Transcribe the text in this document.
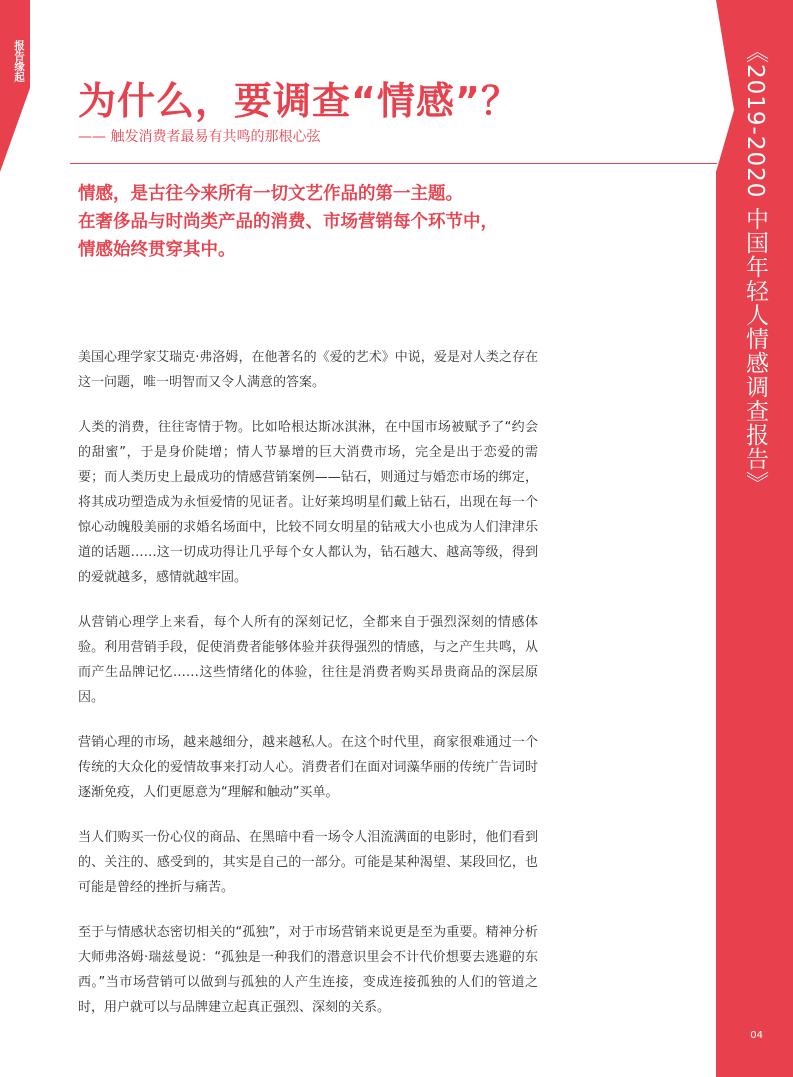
报告缘起	《2019-2020 中国年轻人情感调查报告》
04
为什么，要调查“情感”？

—— 触发消费者最易有共鸣的那根心弦

情感，是古往今来所有一切文艺作品的第一主题。
在奢侈品与时尚类产品的消费、市场营销每个环节中，
情感始终贯穿其中。

美国心理学家艾瑞克·弗洛姆，在他著名的《爱的艺术》中说，爱是对人类之存在这一问题，唯一明智而又令人满意的答案。

人类的消费，往往寄情于物。比如哈根达斯冰淇淋，在中国市场被赋予了“约会的甜蜜”，于是身价陡增；情人节暴增的巨大消费市场，完全是出于恋爱的需要；而人类历史上最成功的情感营销案例——钻石，则通过与婚恋市场的绑定，将其成功塑造成为永恒爱情的见证者。让好莱坞明星们戴上钻石，出现在每一个惊心动魄般美丽的求婚名场面中，比较不同女明星的钻戒大小也成为人们津津乐道的话题……这一切成功得让几乎每个女人都认为，钻石越大、越高等级，得到的爱就越多，感情就越牢固。

从营销心理学上来看，每个人所有的深刻记忆，全都来自于强烈深刻的情感体验。利用营销手段，促使消费者能够体验并获得强烈的情感，与之产生共鸣，从而产生品牌记忆……这些情绪化的体验，往往是消费者购买昂贵商品的深层原因。

营销心理的市场，越来越细分，越来越私人。在这个时代里，商家很难通过一个传统的大众化的爱情故事来打动人心。消费者们在面对词藻华丽的传统广告词时逐渐免疫，人们更愿意为“理解和触动”买单。

当人们购买一份心仪的商品、在黑暗中看一场令人泪流满面的电影时，他们看到的、关注的、感受到的，其实是自己的一部分。可能是某种渴望、某段回忆，也可能是曾经的挫折与痛苦。

至于与情感状态密切相关的“孤独”，对于市场营销来说更是至为重要。精神分析大师弗洛姆·瑞兹曼说：“孤独是一种我们的潜意识里会不计代价想要去逃避的东西。”当市场营销可以做到与孤独的人产生连接，变成连接孤独的人们的管道之时，用户就可以与品牌建立起真正强烈、深刻的关系。
